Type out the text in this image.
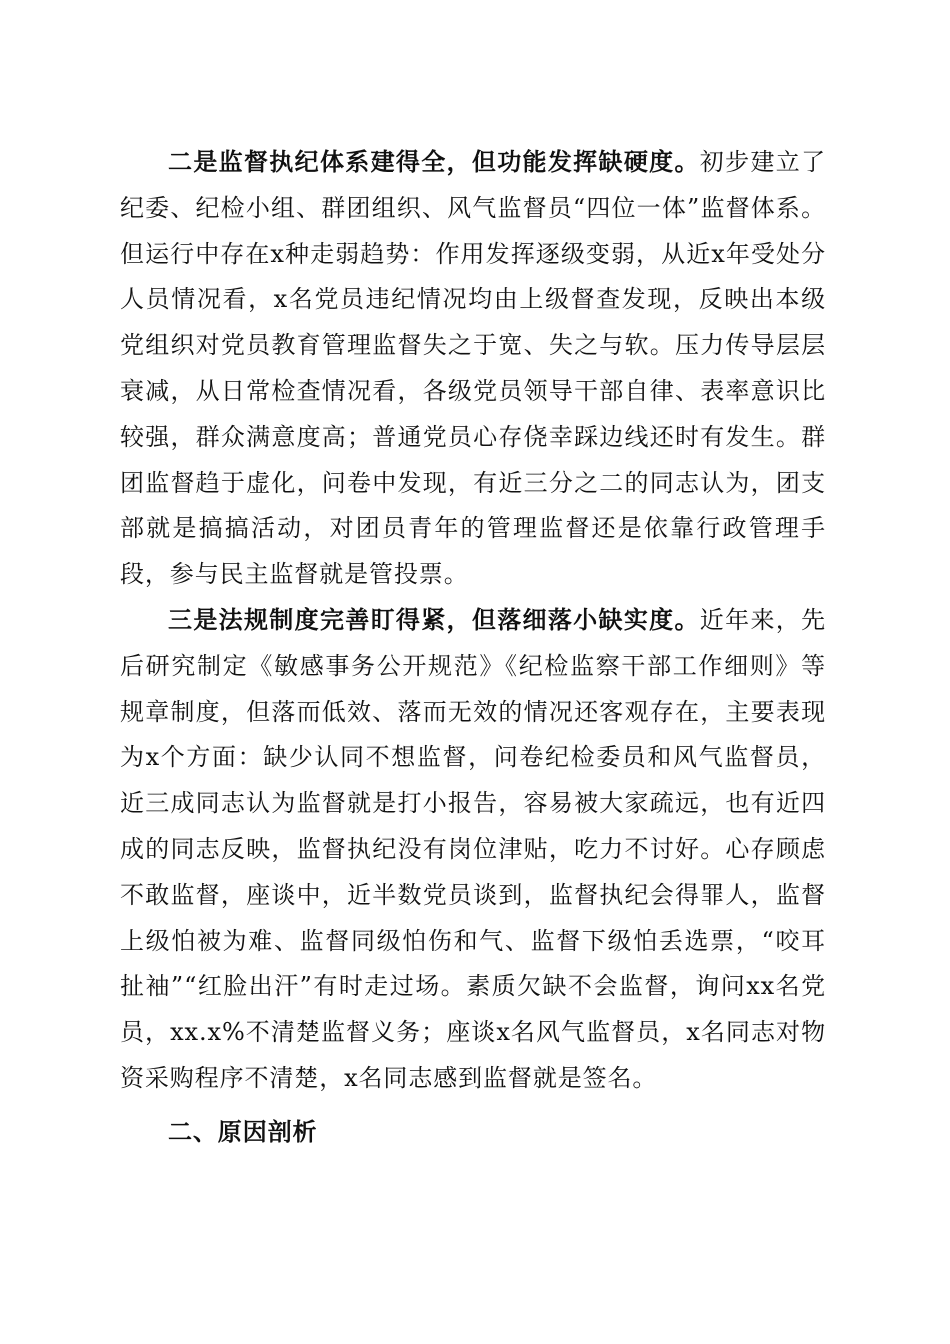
二是监督执纪体系建得全，但功能发挥缺硬度。初步建立了纪委、纪检小组、群团组织、风气监督员“四位一体”监督体系。但运行中存在x种走弱趋势：作用发挥逐级变弱，从近x年受处分人员情况看，x名党员违纪情况均由上级督查发现，反映出本级党组织对党员教育管理监督失之于宽、失之与软。压力传导层层衰减，从日常检查情况看，各级党员领导干部自律、表率意识比较强，群众满意度高；普通党员心存侥幸踩边线还时有发生。群团监督趋于虚化，问卷中发现，有近三分之二的同志认为，团支部就是搞搞活动，对团员青年的管理监督还是依靠行政管理手段，参与民主监督就是管投票。

三是法规制度完善盯得紧，但落细落小缺实度。近年来，先后研究制定《敏感事务公开规范》《纪检监察干部工作细则》等规章制度，但落而低效、落而无效的情况还客观存在，主要表现为x个方面：缺少认同不想监督，问卷纪检委员和风气监督员，近三成同志认为监督就是打小报告，容易被大家疏远，也有近四成的同志反映，监督执纪没有岗位津贴，吃力不讨好。心存顾虑不敢监督，座谈中，近半数党员谈到，监督执纪会得罪人，监督上级怕被为难、监督同级怕伤和气、监督下级怕丢选票，“咬耳扯袖”“红脸出汗”有时走过场。素质欠缺不会监督，询问xx名党员，xx.x%不清楚监督义务；座谈x名风气监督员，x名同志对物资采购程序不清楚，x名同志感到监督就是签名。

二、原因剖析
